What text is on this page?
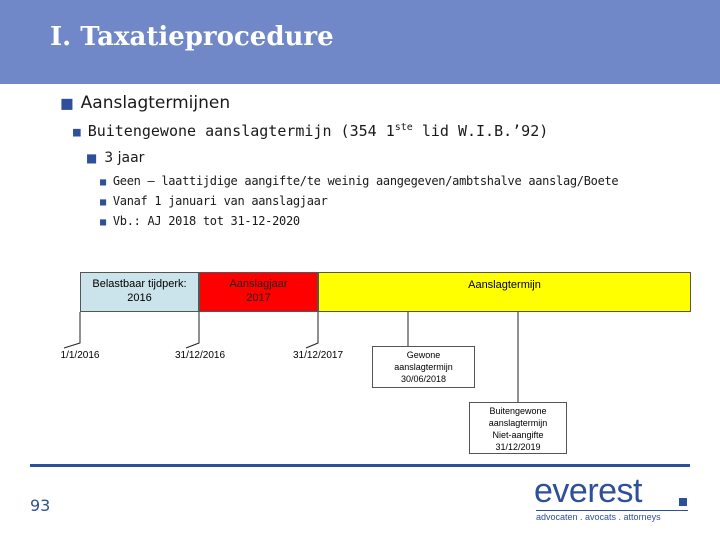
I. Taxatieprocedure
■ Aanslagtermijnen
■ Buitengewone aanslagtermijn (354 1ste lid W.I.B.’92)
■ 3 jaar
■ Geen – laattijdige aangifte/te weinig aangegeven/ambtshalve aanslag/Boete
■ Vanaf 1 januari van aanslagjaar
■ Vb.: AJ 2018 tot 31-12-2020
Belastbaar tijdperk:
2016
Aanslagjaar
2017
Aanslagtermijn
1/1/2016	31/12/2016	31/12/2017	Gewone
aanslagtermijn
30/06/2018
Buitengewone
aanslagtermijn
Niet-aangifte
31/12/2019
93	everest
advocaten . avocats . attorneys
